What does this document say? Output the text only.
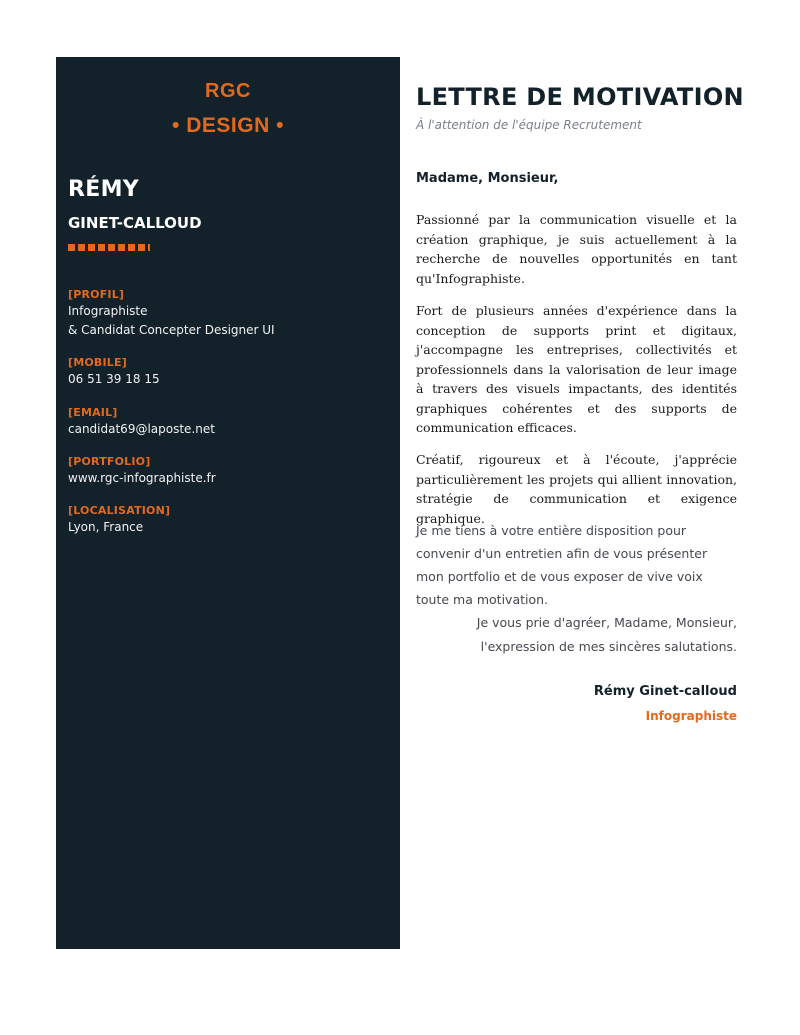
RGC
• DESIGN •
RÉMY
GINET-CALLOUD
[PROFIL]
Infographiste
& Candidat Concepter Designer UI
[MOBILE]
06 51 39 18 15
[EMAIL]
candidat69@laposte.net
[PORTFOLIO]
www.rgc-infographiste.fr
[LOCALISATION]
Lyon, France
LETTRE DE MOTIVATION
À l'attention de l'équipe Recrutement
Madame, Monsieur,

Passionné par la communication visuelle et la création graphique, je suis actuellement à la recherche de nouvelles opportunités en tant qu'Infographiste.

Fort de plusieurs années d'expérience dans la conception de supports print et digitaux, j'accompagne les entreprises, collectivités et professionnels dans la valorisation de leur image à travers des visuels impactants, des identités graphiques cohérentes et des supports de communication efficaces.

Créatif, rigoureux et à l'écoute, j'apprécie particulièrement les projets qui allient innovation, stratégie de communication et exigence graphique.

Je me tiens à votre entière disposition pour convenir d'un entretien afin de vous présenter mon portfolio et de vous exposer de vive voix toute ma motivation.

Je vous prie d'agréer, Madame, Monsieur,

l'expression de mes sincères salutations.

Rémy Ginet-calloud
Infographiste
